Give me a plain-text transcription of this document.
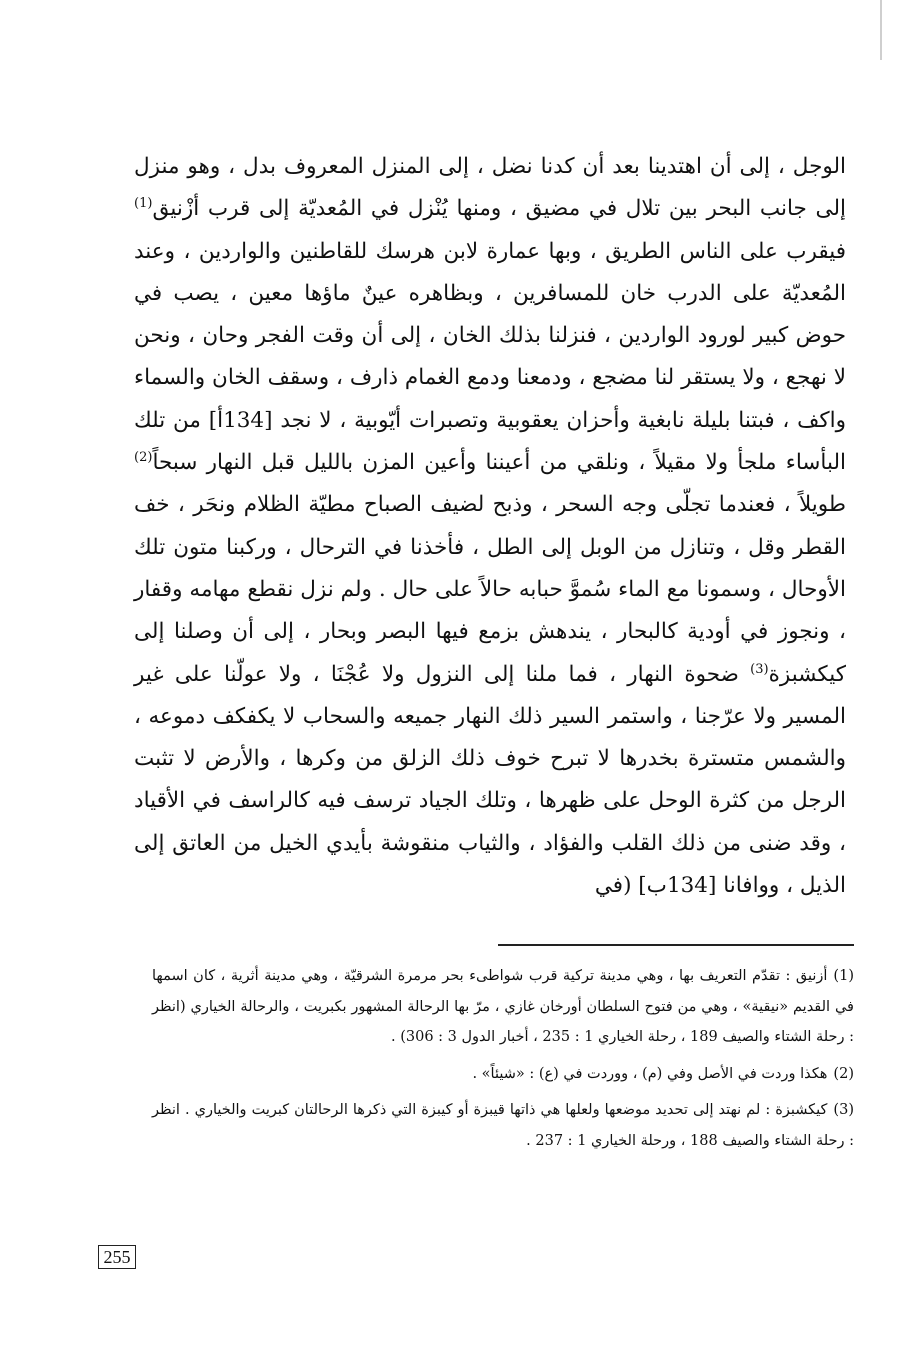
الوجل ، إلى أن اهتدينا بعد أن كدنا نضل ، إلى المنزل المعروف بدل ، وهو منزل إلى جانب البحر بين تلال في مضيق ، ومنها يُنْزل في المُعديّة إلى قرب أزْنيق$^{(1)}$ فيقرب على الناس الطريق ، وبها عمارة لابن هرسك للقاطنين والواردين ، وعند المُعديّة على الدرب خان للمسافرين ، وبظاهره عينٌ ماؤها معين ، يصب في حوض كبير لورود الواردين ، فنزلنا بذلك الخان ، إلى أن وقت الفجر وحان ، ونحن لا نهجع ، ولا يستقر لنا مضجع ، ودمعنا ودمع الغمام ذارف ، وسقف الخان والسماء واكف ، فبتنا بليلة نابغية وأحزان يعقوبية وتصبرات أيّوبية ، لا نجد [134أ] من تلك البأساء ملجأ ولا مقيلاً ، ونلقي من أعيننا وأعين المزن بالليل قبل النهار سبحاً$^{(2)}$ طويلاً ، فعندما تجلّى وجه السحر ، وذبح لضيف الصباح مطيّة الظلام ونحَر ، خف القطر وقل ، وتنازل من الوبل إلى الطل ، فأخذنا في الترحال ، وركبنا متون تلك الأوحال ، وسمونا مع الماء سُموَّ حبابه حالاً على حال . ولم نزل نقطع مهامه وقفار ، ونجوز في أودية كالبحار ، يندهش بزمع فيها البصر وبحار ، إلى أن وصلنا إلى كيكشبزة$^{(3)}$ ضحوة النهار ، فما ملنا إلى النزول ولا عُجْنَا ، ولا عولّنا على غير المسير ولا عرّجنا ، واستمر السير ذلك النهار جميعه والسحاب لا يكفكف دموعه ، والشمس متسترة بخدرها لا تبرح خوف ذلك الزلق من وكرها ، والأرض لا تثبت الرجل من كثرة الوحل على ظهرها ، وتلك الجياد ترسف فيه كالراسف في الأقياد ، وقد ضنى من ذلك القلب والفؤاد ، والثياب منقوشة بأيدي الخيل من العاتق إلى الذيل ، ووافانا [134ب] (في

(1)أزنيق : تقدّم التعريف بها ، وهي مدينة تركية قرب شواطىء بحر مرمرة الشرقيّة ، وهي مدينة أثرية ، كان اسمها في القديم «نيقية» ، وهي من فتوح السلطان أورخان غازي ، مرّ بها الرحالة المشهور بكبريت ، والرحالة الخياري (انظر : رحلة الشتاء والصيف 189 ، رحلة الخياري 1 : 235 ، أخبار الدول 3 : 306) .

(2)هكذا وردت في الأصل وفي (م) ، ووردت في (ع) : «شيئاً» .

(3)كيكشبزة : لم نهتد إلى تحديد موضعها ولعلها هي ذاتها قيبزة أو كيبزة التي ذكرها الرحالتان كبريت والخياري . انظر : رحلة الشتاء والصيف 188 ، ورحلة الخياري 1 : 237 .

255
